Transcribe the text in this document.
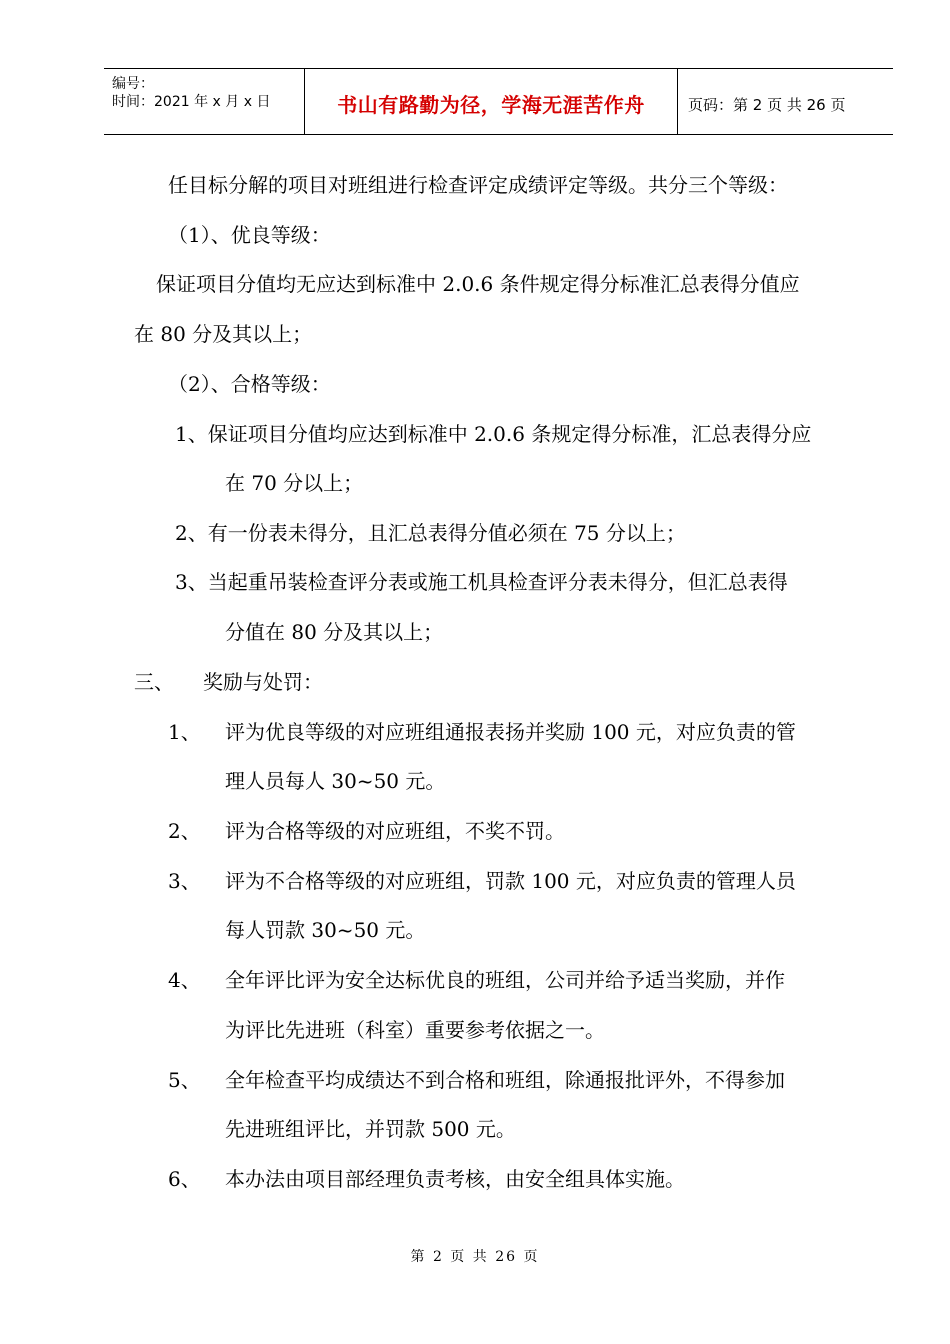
编号：
时间：2021 年 x 月 x 日	书山有路勤为径，学海无涯苦作舟	页码：第 2 页 共 26 页
任目标分解的项目对班组进行检查评定成绩评定等级。共分三个等级：
（1）、优良等级：
保证项目分值均无应达到标准中 2.0.6 条件规定得分标准汇总表得分值应
在 80 分及其以上；
（2）、合格等级：
1、保证项目分值均应达到标准中 2.0.6 条规定得分标准，汇总表得分应
在 70 分以上；
2、有一份表未得分，且汇总表得分值必须在 75 分以上；
3、当起重吊装检查评分表或施工机具检查评分表未得分，但汇总表得
分值在 80 分及其以上；
三、 奖励与处罚：
1、 评为优良等级的对应班组通报表扬并奖励 100 元，对应负责的管
理人员每人 30~50 元。
2、 评为合格等级的对应班组，不奖不罚。
3、 评为不合格等级的对应班组，罚款 100 元，对应负责的管理人员
每人罚款 30~50 元。
4、 全年评比评为安全达标优良的班组，公司并给予适当奖励，并作
为评比先进班（科室）重要参考依据之一。
5、 全年检查平均成绩达不到合格和班组，除通报批评外，不得参加
先进班组评比，并罚款 500 元。
6、 本办法由项目部经理负责考核，由安全组具体实施。
第 2 页 共 26 页
